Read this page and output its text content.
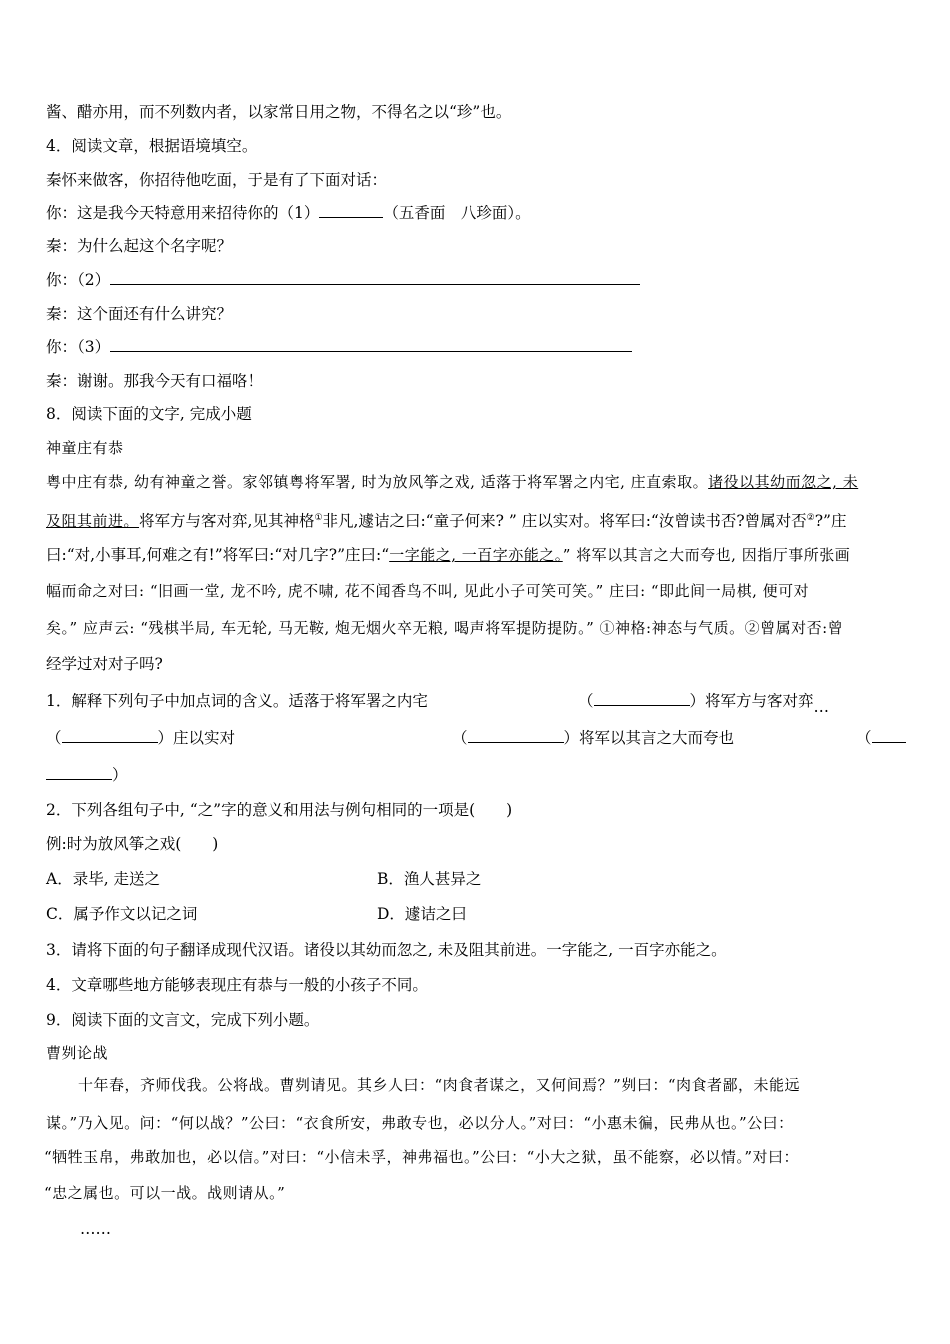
酱、醋亦用，而不列数内者，以家常日用之物，不得名之以“珍”也。
4．阅读文章，根据语境填空。
秦怀来做客，你招待他吃面，于是有了下面对话：
你：这是我今天特意用来招待你的（1）	（五香面　八珍面）。
秦：为什么起这个名字呢？
你：（2）
秦：这个面还有什么讲究？
你：（3）
秦：谢谢。那我今天有口福咯！
8．阅读下面的文字, 完成小题
神童庄有恭
粤中庄有恭, 幼有神童之誉。家邻镇粤将军署, 时为放风筝之戏, 适落于将军署之内宅, 庄直索取。诸役以其幼而忽之, 未
及阻其前进。将军方与客对弈,见其神格①非凡,遽诘之曰:“童子何来? ” 庄以实对。将军曰:“汝曾读书否?曾属对否②?”庄
曰:“对,小事耳,何难之有!”将军曰:“对几字?”庄曰:“一字能之, 一百字亦能之。” 将军以其言之大而夸也, 因指厅事所张画
幅而命之对曰: “旧画一堂, 龙不吟, 虎不啸, 花不闻香鸟不叫, 见此小子可笑可笑。” 庄曰: “即此间一局棋, 便可对
矣。” 应声云: “残棋半局, 车无轮, 马无鞍, 炮无烟火卒无粮, 喝声将军提防提防。” ①神格:神态与气质。②曾属对否:曾
经学过对对子吗?
1．解释下列句子中加点词的含义。适落于将军署之内宅	（	）将军方与客对弈…
（	）庄以实对	（	）将军以其言之大而夸也	（
）
2．下列各组句子中, “之”字的意义和用法与例句相同的一项是(　　)
例:时为放风筝之戏(　　)
A．录毕, 走送之	B．渔人甚异之
C．属予作文以记之词	D．遽诘之曰
3．请将下面的句子翻译成现代汉语。诸役以其幼而忽之, 未及阻其前进。一字能之, 一百字亦能之。
4．文章哪些地方能够表现庄有恭与一般的小孩子不同。
9．阅读下面的文言文，完成下列小题。
曹刿论战
十年春，齐师伐我。公将战。曹刿请见。其乡人曰：“肉食者谋之，又何间焉？”刿曰：“肉食者鄙，未能远
谋。”乃入见。问：“何以战？”公曰：“衣食所安，弗敢专也，必以分人。”对曰：“小惠未徧，民弗从也。”公曰：
“牺牲玉帛，弗敢加也，必以信。”对曰：“小信未孚，神弗福也。”公曰：“小大之狱，虽不能察，必以情。”对曰：
“忠之属也。可以一战。战则请从。”
……
